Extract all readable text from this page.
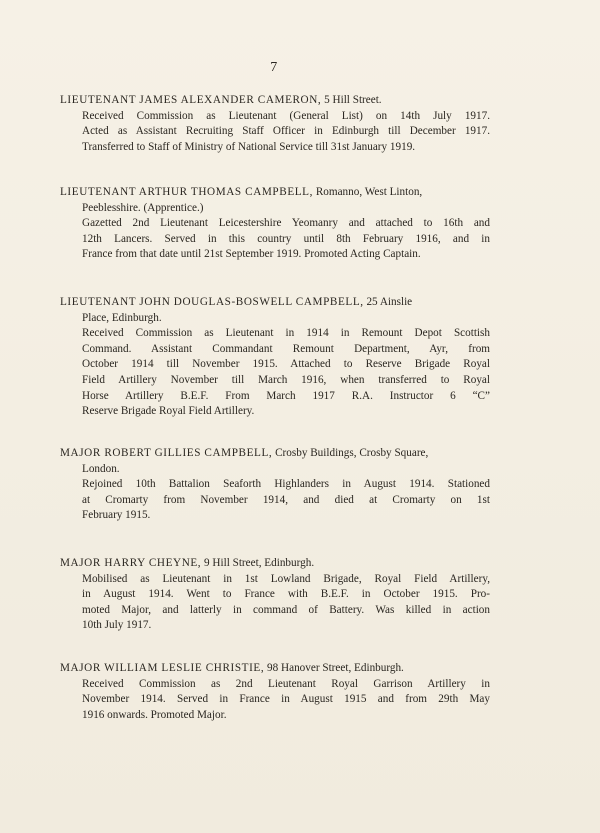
7
LIEUTENANT JAMES ALEXANDER CAMERON, 5 Hill Street.
Received Commission as Lieutenant (General List) on 14th July 1917.
Acted as Assistant Recruiting Staff Officer in Edinburgh till December 1917.
Transferred to Staff of Ministry of National Service till 31st January 1919.
LIEUTENANT ARTHUR THOMAS CAMPBELL, Romanno, West Linton,
Peeblesshire. (Apprentice.)
Gazetted 2nd Lieutenant Leicestershire Yeomanry and attached to 16th and
12th Lancers. Served in this country until 8th February 1916, and in
France from that date until 21st September 1919. Promoted Acting Captain.
LIEUTENANT JOHN DOUGLAS-BOSWELL CAMPBELL, 25 Ainslie
Place, Edinburgh.
Received Commission as Lieutenant in 1914 in Remount Depot Scottish
Command. Assistant Commandant Remount Department, Ayr, from
October 1914 till November 1915. Attached to Reserve Brigade Royal
Field Artillery November till March 1916, when transferred to Royal
Horse Artillery B.E.F. From March 1917 R.A. Instructor 6 “C”
Reserve Brigade Royal Field Artillery.
MAJOR ROBERT GILLIES CAMPBELL, Crosby Buildings, Crosby Square,
London.
Rejoined 10th Battalion Seaforth Highlanders in August 1914. Stationed
at Cromarty from November 1914, and died at Cromarty on 1st
February 1915.
MAJOR HARRY CHEYNE, 9 Hill Street, Edinburgh.
Mobilised as Lieutenant in 1st Lowland Brigade, Royal Field Artillery,
in August 1914. Went to France with B.E.F. in October 1915. Pro-
moted Major, and latterly in command of Battery. Was killed in action
10th July 1917.
MAJOR WILLIAM LESLIE CHRISTIE, 98 Hanover Street, Edinburgh.
Received Commission as 2nd Lieutenant Royal Garrison Artillery in
November 1914. Served in France in August 1915 and from 29th May
1916 onwards. Promoted Major.
